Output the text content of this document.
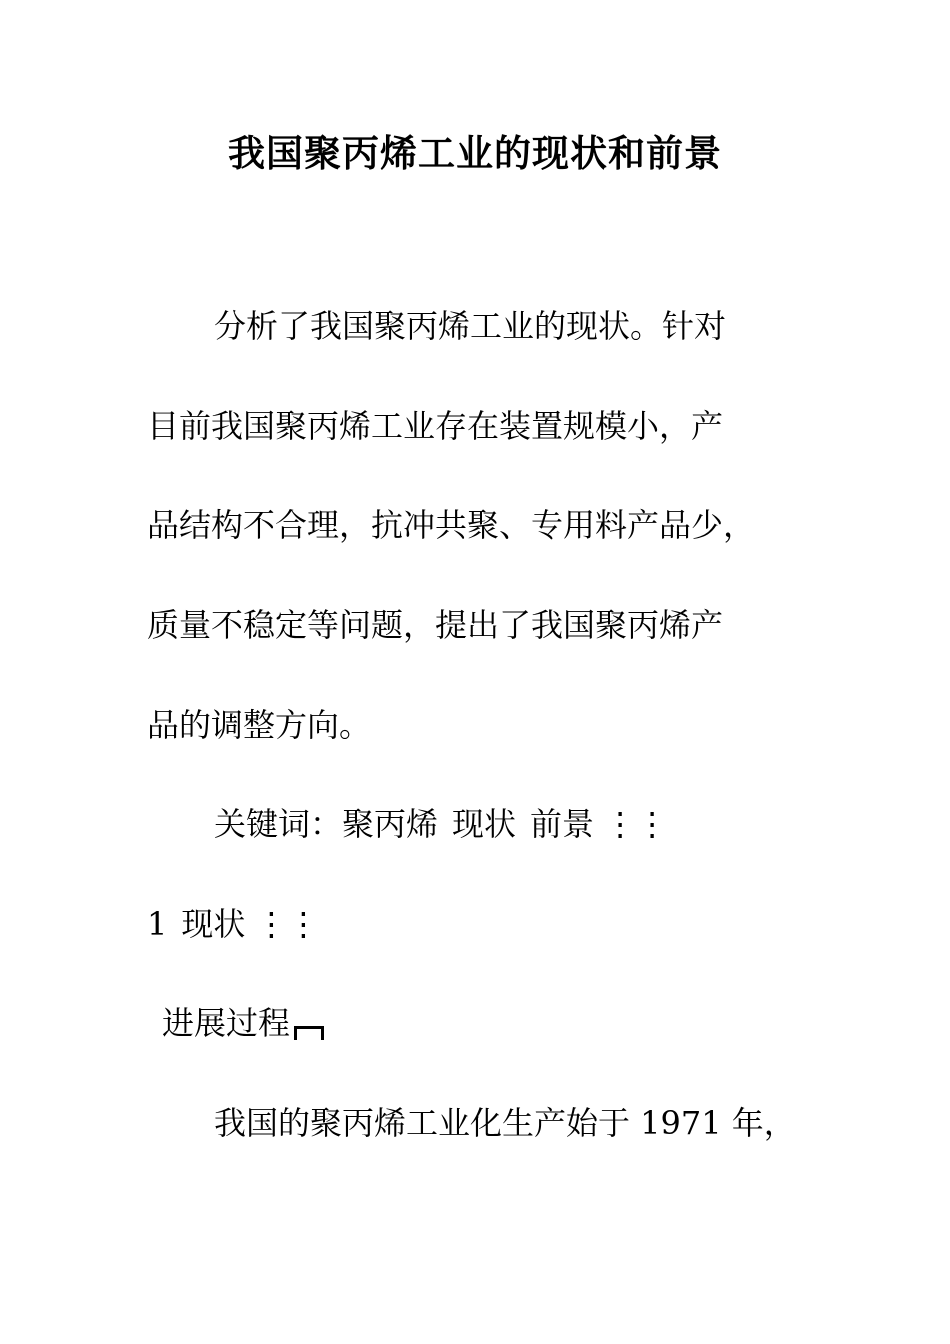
我国聚丙烯工业的现状和前景
分析了我国聚丙烯工业的现状。针对
目前我国聚丙烯工业存在装置规模小，产
品结构不合理，抗冲共聚、专用料产品少，
质量不稳定等问题，提出了我国聚丙烯产
品的调整方向。
关键词：聚丙烯 现状 前景 ⋮⋮
1 现状 ⋮⋮
进展过程
我国的聚丙烯工业化生产始于 1971 年，
